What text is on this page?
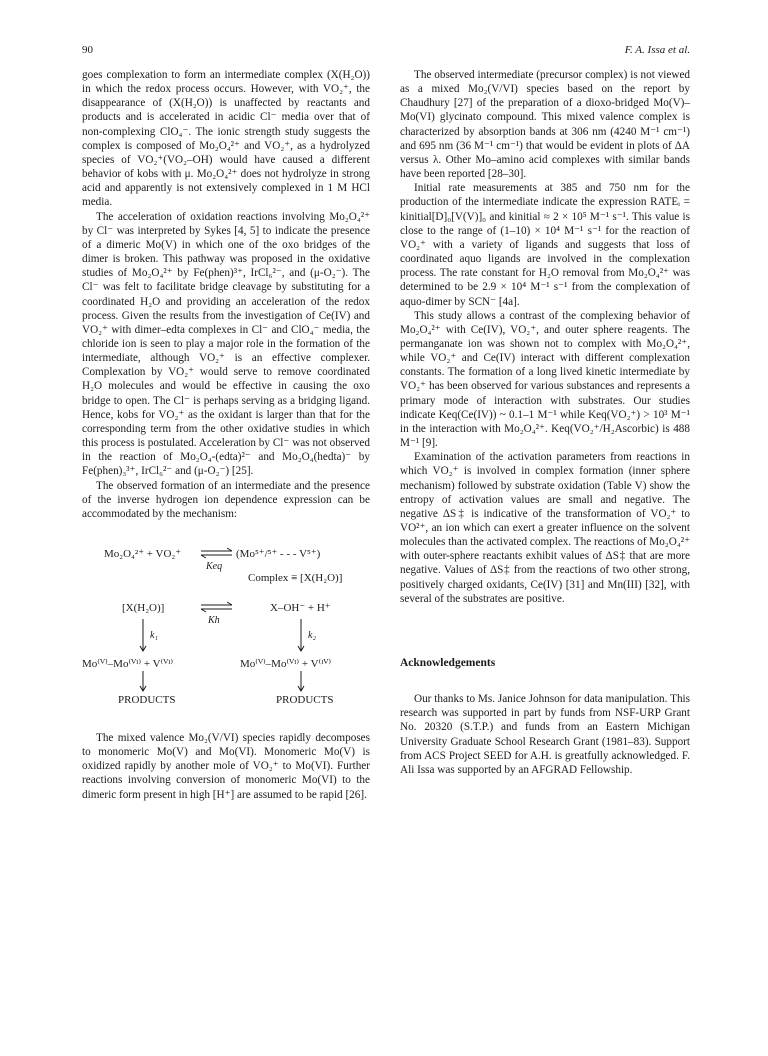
90	F. A. Issa et al.

goes complexation to form an intermediate complex (X(H₂O)) in which the redox process occurs. However, with VO₂⁺, the disappearance of (X(H₂O)) is unaffected by reactants and products and is accelerated in acidic Cl⁻ media over that of non-complexing ClO₄⁻. The ionic strength study suggests the complex is composed of Mo₂O₄²⁺ and VO₂⁺, as a hydrolyzed species of VO₂⁺(VO₂–OH) would have caused a different behavior of kobs with μ. Mo₂O₄²⁺ does not hydrolyze in strong acid and apparently is not extensively complexed in 1 M HCl media.

The acceleration of oxidation reactions involving Mo₂O₄²⁺ by Cl⁻ was interpreted by Sykes [4, 5] to indicate the presence of a dimeric Mo(V) in which one of the oxo bridges of the dimer is broken. This pathway was proposed in the oxidative studies of Mo₂O₄²⁺ by Fe(phen)³⁺, IrCl₆²⁻, and (μ-O₂⁻). The Cl⁻ was felt to facilitate bridge cleavage by substituting for a coordinated H₂O and providing an acceleration of the redox process. Given the results from the investigation of Ce(IV) and VO₂⁺ with dimer–edta complexes in Cl⁻ and ClO₄⁻ media, the chloride ion is seen to play a major role in the formation of the intermediate, although VO₂⁺ is an effective complexer. Complexation by VO₂⁺ would serve to remove coordinated H₂O molecules and would be effective in causing the oxo bridge to open. The Cl⁻ is perhaps serving as a bridging ligand. Hence, kobs for VO₂⁺ as the oxidant is larger than that for the corresponding term from the other oxidative studies in which this process is postulated. Acceleration by Cl⁻ was not observed in the reaction of Mo₂O₄-(edta)²⁻ and Mo₂O₄(hedta)⁻ by Fe(phen)₃³⁺, IrCl₆²⁻ and (μ-O₂⁻) [25].

The observed formation of an intermediate and the presence of the inverse hydrogen ion dependence expression can be accommodated by the mechanism:

Mo₂O₄²⁺ + VO₂⁺
Keq
(Mo⁵⁺/⁵⁺ - - - V⁵⁺)
Complex ≡ [X(H₂O)]
[X(H₂O)]
Kh
X–OH⁻ + H⁺
k₁	k₂
Mo⁽ⱽ⁾–Mo⁽ⱽᴵ⁾ + V⁽ⱽᴵ⁾	Mo⁽ⱽ⁾–Mo⁽ⱽᴵ⁾ + V⁽ᴵⱽ⁾
PRODUCTS	PRODUCTS

The mixed valence Mo₂(V/VI) species rapidly decomposes to monomeric Mo(V) and Mo(VI). Monomeric Mo(V) is oxidized rapidly by another mole of VO₂⁺ to Mo(VI). Further reactions involving conversion of monomeric Mo(VI) to the dimeric form present in high [H⁺] are assumed to be rapid [26].

The observed intermediate (precursor complex) is not viewed as a mixed Mo₂(V/VI) species based on the report by Chaudhury [27] of the preparation of a dioxo-bridged Mo(V)–Mo(VI) glycinato compound. This mixed valence complex is characterized by absorption bands at 306 nm (4240 M⁻¹ cm⁻¹) and 695 nm (36 M⁻¹ cm⁻¹) that would be evident in plots of ΔA versus λ. Other Mo–amino acid complexes with similar bands have been reported [28–30].

Initial rate measurements at 385 and 750 nm for the production of the intermediate indicate the expression RATEᵢ = kinitial[D]₀[V(V)]₀ and kinitial ≈ 2 × 10⁵ M⁻¹ s⁻¹. This value is close to the range of (1–10) × 10⁴ M⁻¹ s⁻¹ for the reaction of VO₂⁺ with a variety of ligands and suggests that loss of coordinated aquo ligands are involved in the complexation process. The rate constant for H₂O removal from Mo₂O₄²⁺ was determined to be 2.9 × 10⁴ M⁻¹ s⁻¹ from the complexation of aquo-dimer by SCN⁻ [4a].

This study allows a contrast of the complexing behavior of Mo₂O₄²⁺ with Ce(IV), VO₂⁺, and outer sphere reagents. The permanganate ion was shown not to complex with Mo₂O₄²⁺, while VO₂⁺ and Ce(IV) interact with different complexation constants. The formation of a long lived kinetic intermediate by VO₂⁺ has been observed for various substances and represents a primary mode of interaction with substrates. Our studies indicate Keq(Ce(IV)) ~ 0.1–1 M⁻¹ while Keq(VO₂⁺) > 10³ M⁻¹ in the interaction with Mo₂O₄²⁺. Keq(VO₂⁺/H₂Ascorbic) is 488 M⁻¹ [9].

Examination of the activation parameters from reactions in which VO₂⁺ is involved in complex formation (inner sphere mechanism) followed by substrate oxidation (Table V) show the entropy of activation values are small and negative. The negative ΔS‡ is indicative of the transformation of VO₂⁺ to VO²⁺, an ion which can exert a greater influence on the solvent molecules than the activated complex. The reactions of Mo₂O₄²⁺ with outer-sphere reactants exhibit values of ΔS‡ that are more negative. Values of ΔS‡ from the reactions of two other strong, positively charged oxidants, Ce(IV) [31] and Mn(III) [32], with several of the substrates are positive.

Acknowledgements

Our thanks to Ms. Janice Johnson for data manipulation. This research was supported in part by funds from NSF-URP Grant No. 20320 (S.T.P.) and funds from an Eastern Michigan University Graduate School Research Grant (1981–83). Support from ACS Project SEED for A.H. is greatfully acknowledged. F. Ali Issa was supported by an AFGRAD Fellowship.
